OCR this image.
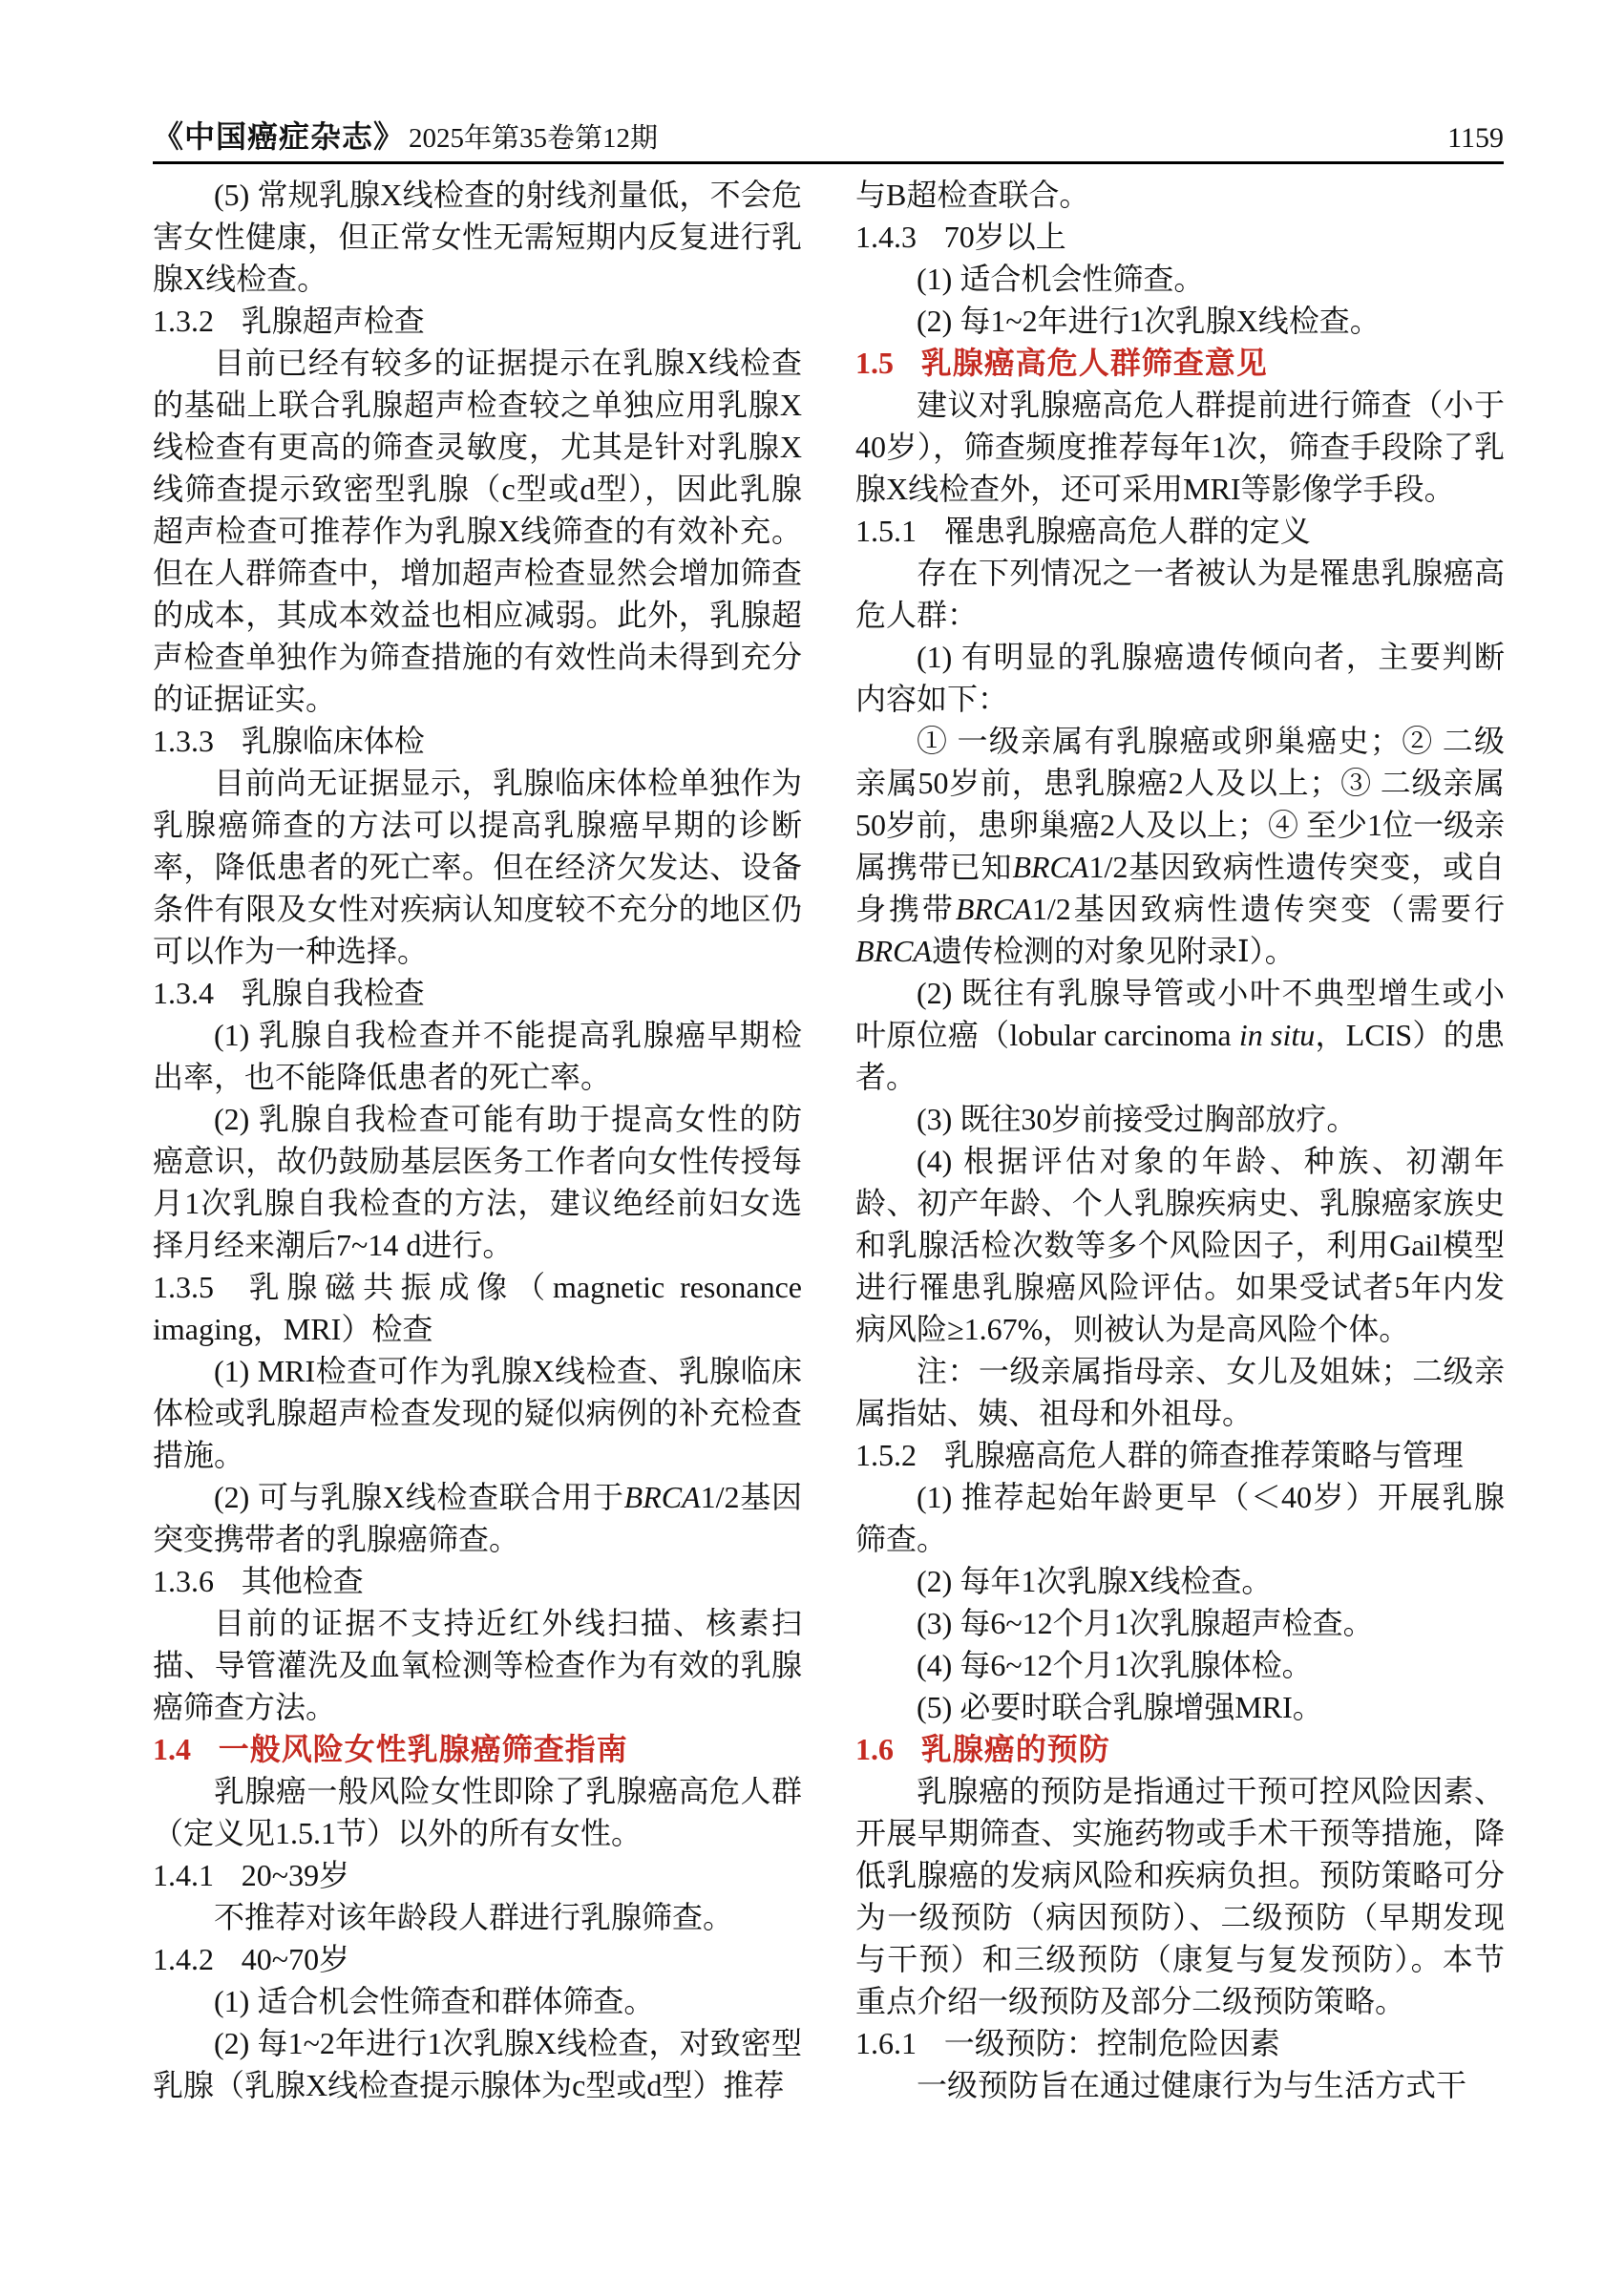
《中国癌症杂志》 2025年第35卷第12期	1159
(5) 常规乳腺X线检查的射线剂量低，不会危害女性健康，但正常女性无需短期内反复进行乳腺X线检查。
1.3.2 乳腺超声检查
目前已经有较多的证据提示在乳腺X线检查的基础上联合乳腺超声检查较之单独应用乳腺X线检查有更高的筛查灵敏度，尤其是针对乳腺X线筛查提示致密型乳腺（c型或d型），因此乳腺超声检查可推荐作为乳腺X线筛查的有效补充。但在人群筛查中，增加超声检查显然会增加筛查的成本，其成本效益也相应减弱。此外，乳腺超声检查单独作为筛查措施的有效性尚未得到充分的证据证实。
1.3.3 乳腺临床体检
目前尚无证据显示，乳腺临床体检单独作为乳腺癌筛查的方法可以提高乳腺癌早期的诊断率，降低患者的死亡率。但在经济欠发达、设备条件有限及女性对疾病认知度较不充分的地区仍可以作为一种选择。
1.3.4 乳腺自我检查
(1) 乳腺自我检查并不能提高乳腺癌早期检出率，也不能降低患者的死亡率。
(2) 乳腺自我检查可能有助于提高女性的防癌意识，故仍鼓励基层医务工作者向女性传授每月1次乳腺自我检查的方法，建议绝经前妇女选择月经来潮后7~14 d进行。
1.3.5 乳腺磁共振成像（magnetic resonance imaging，MRI）检查
(1) MRI检查可作为乳腺X线检查、乳腺临床体检或乳腺超声检查发现的疑似病例的补充检查措施。
(2) 可与乳腺X线检查联合用于BRCA1/2基因突变携带者的乳腺癌筛查。
1.3.6 其他检查
目前的证据不支持近红外线扫描、核素扫描、导管灌洗及血氧检测等检查作为有效的乳腺癌筛查方法。
1.4 一般风险女性乳腺癌筛查指南
乳腺癌一般风险女性即除了乳腺癌高危人群（定义见1.5.1节）以外的所有女性。
1.4.1 20~39岁
不推荐对该年龄段人群进行乳腺筛查。
1.4.2 40~70岁
(1) 适合机会性筛查和群体筛查。
(2) 每1~2年进行1次乳腺X线检查，对致密型乳腺（乳腺X线检查提示腺体为c型或d型）推荐
与B超检查联合。
1.4.3 70岁以上
(1) 适合机会性筛查。
(2) 每1~2年进行1次乳腺X线检查。
1.5 乳腺癌高危人群筛查意见
建议对乳腺癌高危人群提前进行筛查（小于40岁），筛查频度推荐每年1次，筛查手段除了乳腺X线检查外，还可采用MRI等影像学手段。
1.5.1 罹患乳腺癌高危人群的定义
存在下列情况之一者被认为是罹患乳腺癌高危人群：
(1) 有明显的乳腺癌遗传倾向者，主要判断内容如下：
① 一级亲属有乳腺癌或卵巢癌史；② 二级亲属50岁前，患乳腺癌2人及以上；③ 二级亲属50岁前，患卵巢癌2人及以上；④ 至少1位一级亲属携带已知BRCA1/2基因致病性遗传突变，或自身携带BRCA1/2基因致病性遗传突变（需要行BRCA遗传检测的对象见附录Ⅰ）。
(2) 既往有乳腺导管或小叶不典型增生或小叶原位癌（lobular carcinoma in situ，LCIS）的患者。
(3) 既往30岁前接受过胸部放疗。
(4) 根据评估对象的年龄、种族、初潮年龄、初产年龄、个人乳腺疾病史、乳腺癌家族史和乳腺活检次数等多个风险因子，利用Gail模型进行罹患乳腺癌风险评估。如果受试者5年内发病风险≥1.67%，则被认为是高风险个体。
注：一级亲属指母亲、女儿及姐妹；二级亲属指姑、姨、祖母和外祖母。
1.5.2 乳腺癌高危人群的筛查推荐策略与管理
(1) 推荐起始年龄更早（＜40岁）开展乳腺筛查。
(2) 每年1次乳腺X线检查。
(3) 每6~12个月1次乳腺超声检查。
(4) 每6~12个月1次乳腺体检。
(5) 必要时联合乳腺增强MRI。
1.6 乳腺癌的预防
乳腺癌的预防是指通过干预可控风险因素、开展早期筛查、实施药物或手术干预等措施，降低乳腺癌的发病风险和疾病负担。预防策略可分为一级预防（病因预防）、二级预防（早期发现与干预）和三级预防（康复与复发预防）。本节重点介绍一级预防及部分二级预防策略。
1.6.1 一级预防：控制危险因素
一级预防旨在通过健康行为与生活方式干
